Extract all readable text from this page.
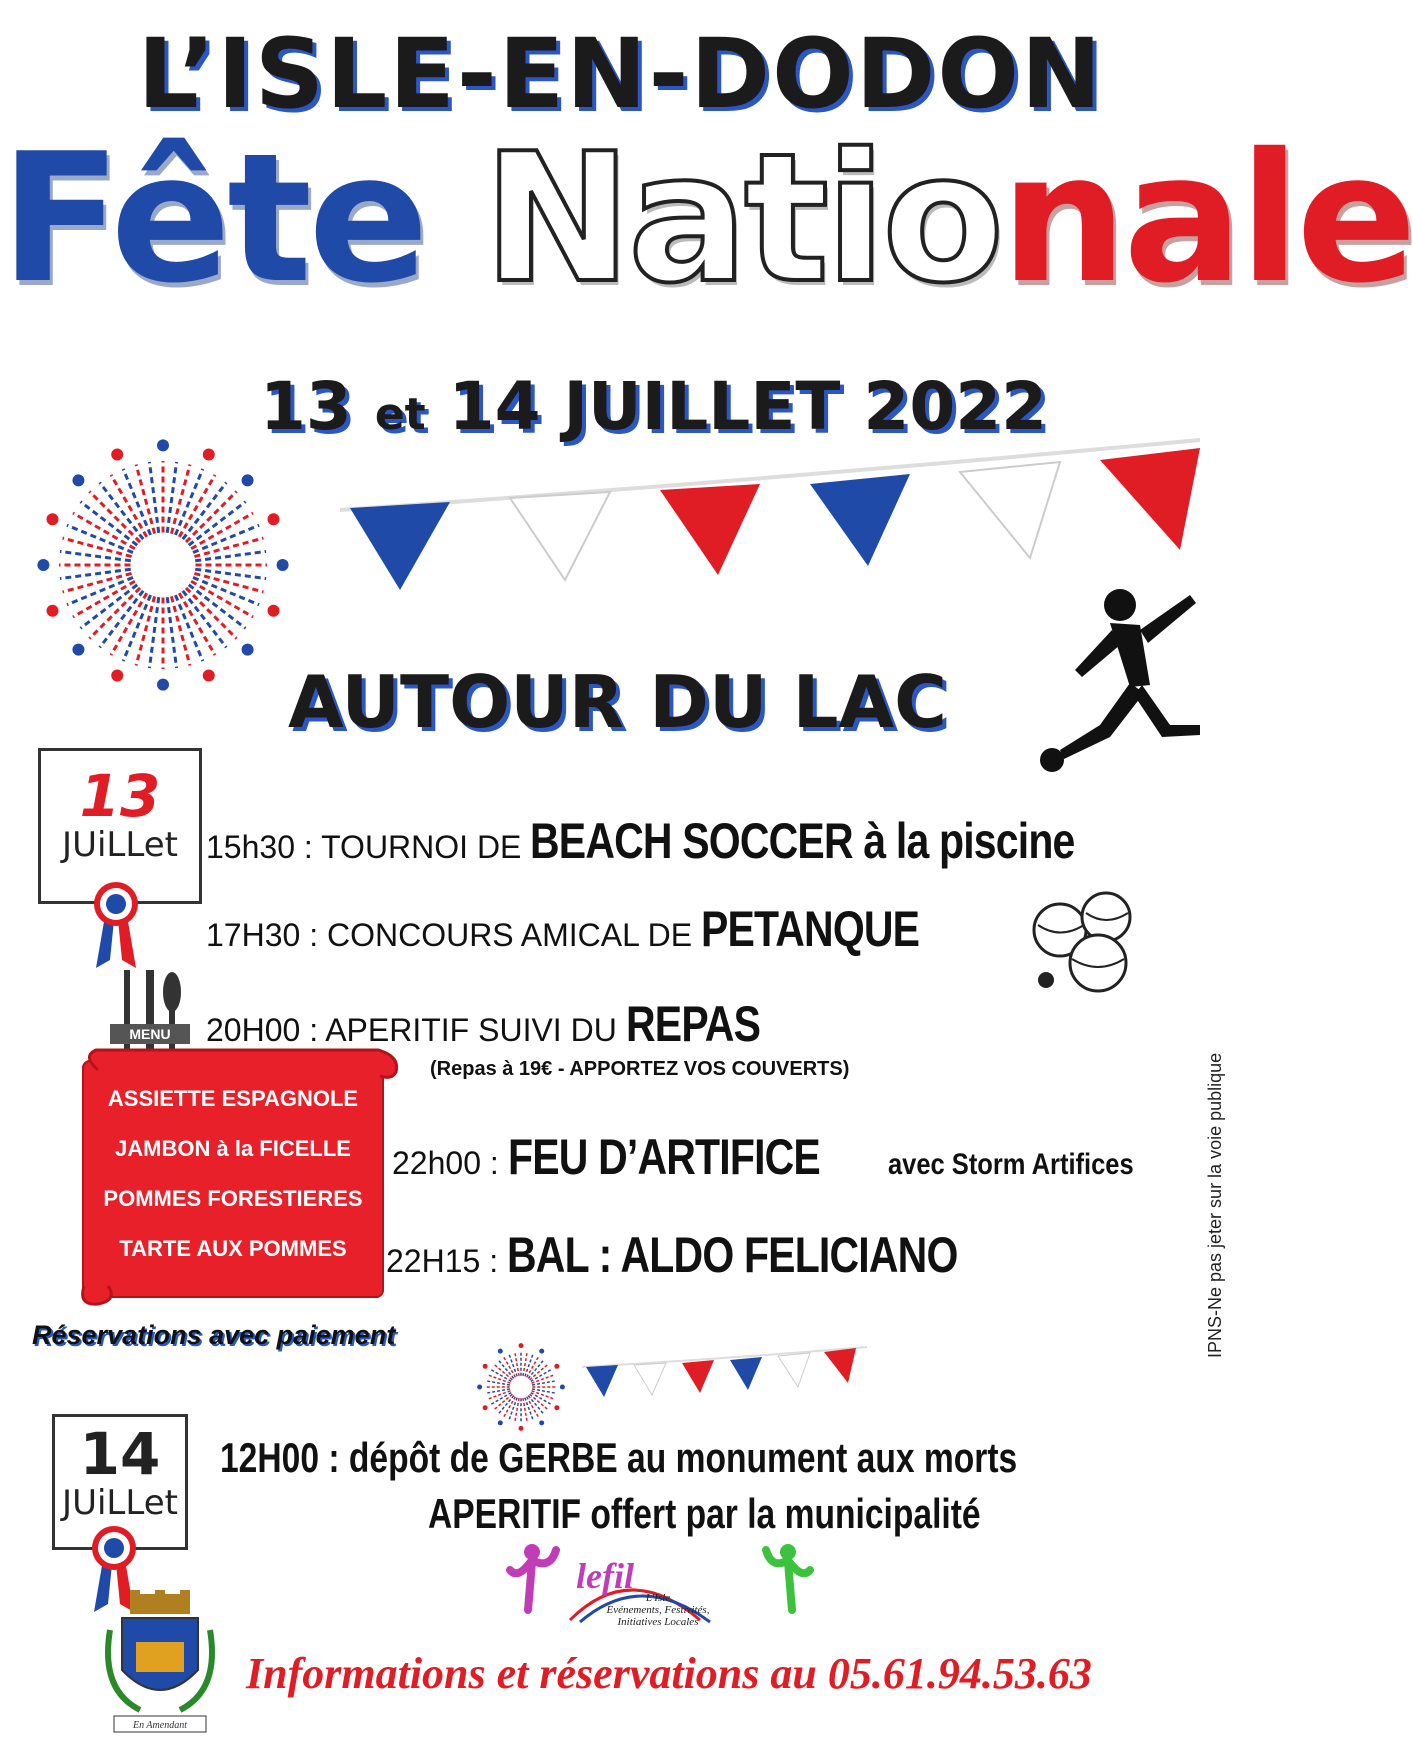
L’ISLE-EN-DODON
Fête Nationale
13 et 14 JUILLET 2022
AUTOUR DU LAC
13
JUiLLet 15h30 : TOURNOI DE BEACH SOCCER à la piscine
17H30 : CONCOURS AMICAL DE PETANQUE
20H00 : APERITIF SUIVI DU REPAS
(Repas à 19€ - APPORTEZ VOS COUVERTS)
MENU
ASSIETTE ESPAGNOLE
JAMBON à la FICELLE
POMMES FORESTIERES
TARTE AUX POMMES
22h00 : FEU D’ARTIFICEavec Storm Artifices
22H15 : BAL : ALDO FELICIANO
Réservations avec paiement
14
JUiLLet
12H00 : dépôt de GERBE au monument aux morts
APERITIF offert par la municipalité
lefil
L'Isle
Evénements, Festivités,
Initiatives Locales
En Amendant
Informations et réservations au 05.61.94.53.63
IPNS-Ne pas jeter sur la voie publique
